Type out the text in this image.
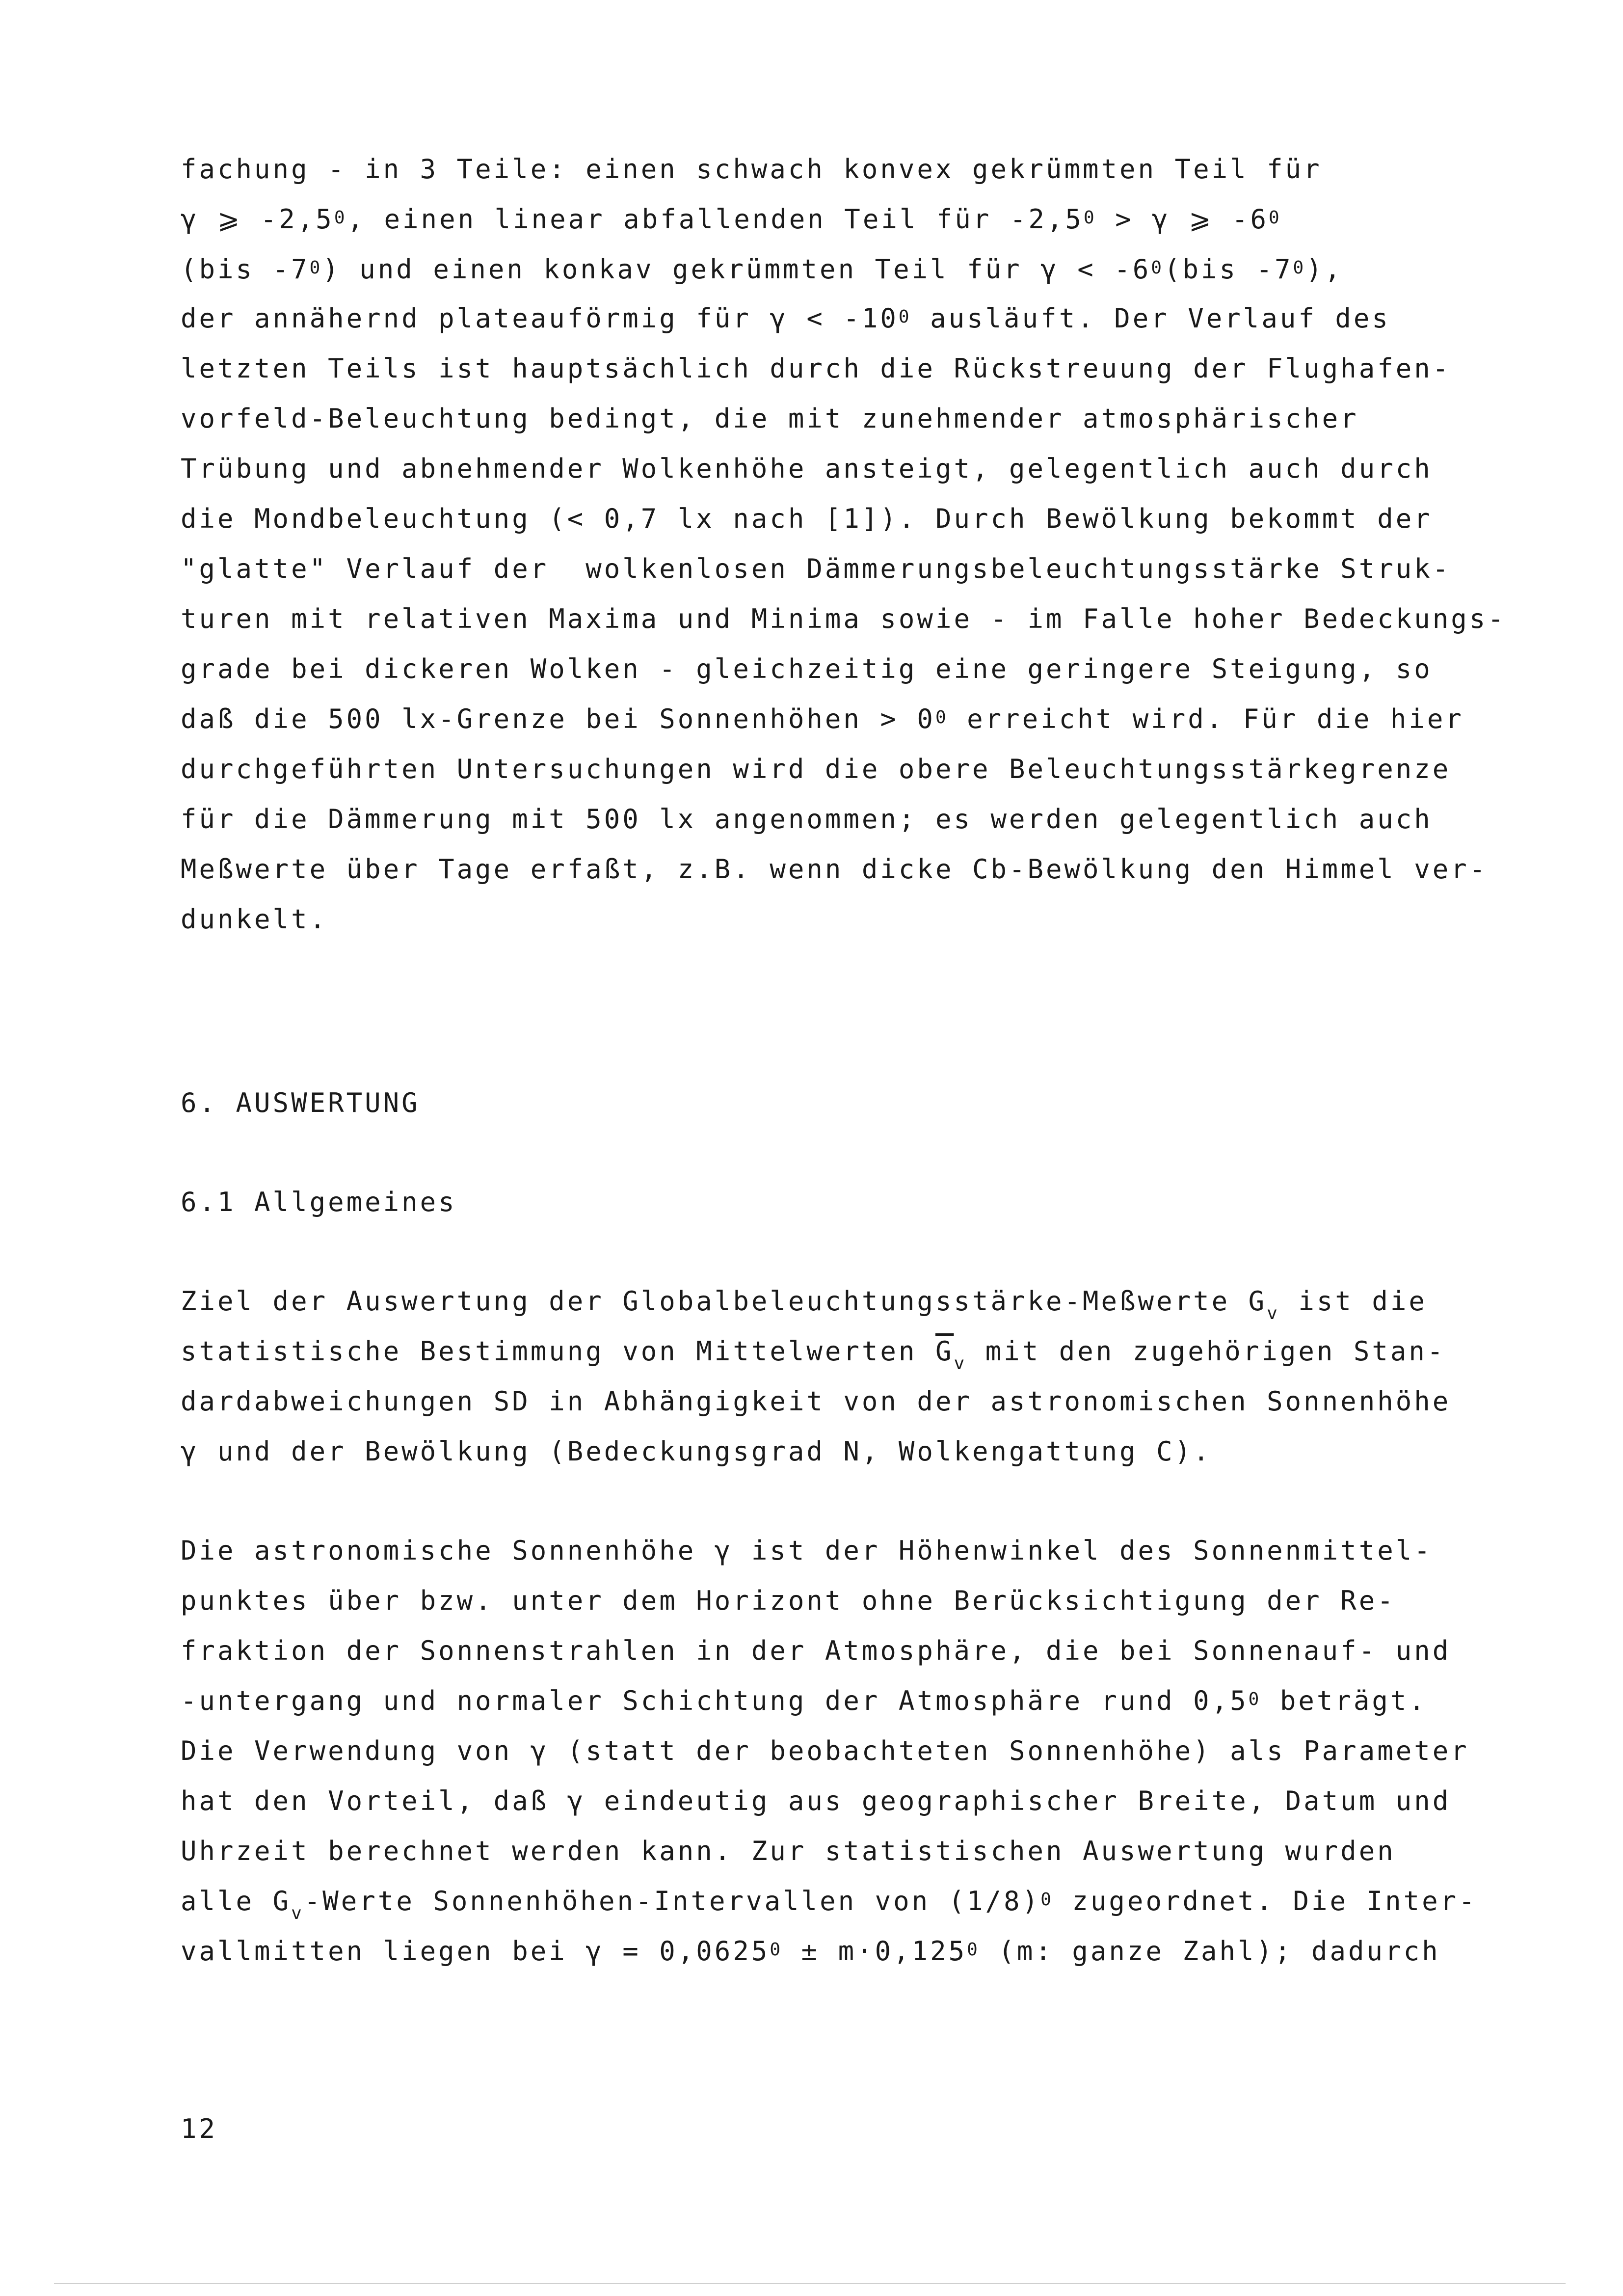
fachung - in 3 Teile: einen schwach konvex gekrümmten Teil für
γ ⩾ $-2,5^0$, einen linear abfallenden Teil für $-2,5^0 > \gamma$ ⩾ $-6^0$
(bis $-7^0$) und einen konkav gekrümmten Teil für $\gamma < -6^0(bis$ $-7^0$),
der annähernd plateauförmig für $\gamma < -10^0$ ausläuft. Der Verlauf des
letzten Teils ist hauptsächlich durch die Rückstreuung der Flughafen-
vorfeld-Beleuchtung bedingt, die mit zunehmender atmosphärischer
Trübung und abnehmender Wolkenhöhe ansteigt, gelegentlich auch durch
die Mondbeleuchtung (< 0,7 lx nach [1]). Durch Bewölkung bekommt der
"glatte" Verlauf der  wolkenlosen Dämmerungsbeleuchtungsstärke Struk-
turen mit relativen Maxima und Minima sowie - im Falle hoher Bedeckungs-
grade bei dickeren Wolken - gleichzeitig eine geringere Steigung, so
daß die 500 lx-Grenze bei Sonnenhöhen > $0^0$ erreicht wird. Für die hier
durchgeführten Untersuchungen wird die obere Beleuchtungsstärkegrenze
für die Dämmerung mit 500 lx angenommen; es werden gelegentlich auch
Meßwerte über Tage erfaßt, z.B. wenn dicke Cb-Bewölkung den Himmel ver-
dunkelt.
6. AUSWERTUNG
6.1 Allgemeines
Ziel der Auswertung der Globalbeleuchtungsstärke-Meßwerte $G_v$ ist die
statistische Bestimmung von Mittelwerten $\overline{G}_v$ mit den zugehörigen Stan-
dardabweichungen SD in Abhängigkeit von der astronomischen Sonnenhöhe
γ und der Bewölkung (Bedeckungsgrad N, Wolkengattung C).
Die astronomische Sonnenhöhe γ ist der Höhenwinkel des Sonnenmittel-
punktes über bzw. unter dem Horizont ohne Berücksichtigung der Re-
fraktion der Sonnenstrahlen in der Atmosphäre, die bei Sonnenauf- und
-untergang und normaler Schichtung der Atmosphäre rund $0,5^0$ beträgt.
Die Verwendung von γ (statt der beobachteten Sonnenhöhe) als Parameter
hat den Vorteil, daß γ eindeutig aus geographischer Breite, Datum und
Uhrzeit berechnet werden kann. Zur statistischen Auswertung wurden
alle $G_v$-Werte Sonnenhöhen-Intervallen von $(1/8)^0$ zugeordnet. Die Inter-
vallmitten liegen bei $\gamma = 0,0625^0 \pm m\cdot 0,125^0$ (m: ganze Zahl); dadurch
12
